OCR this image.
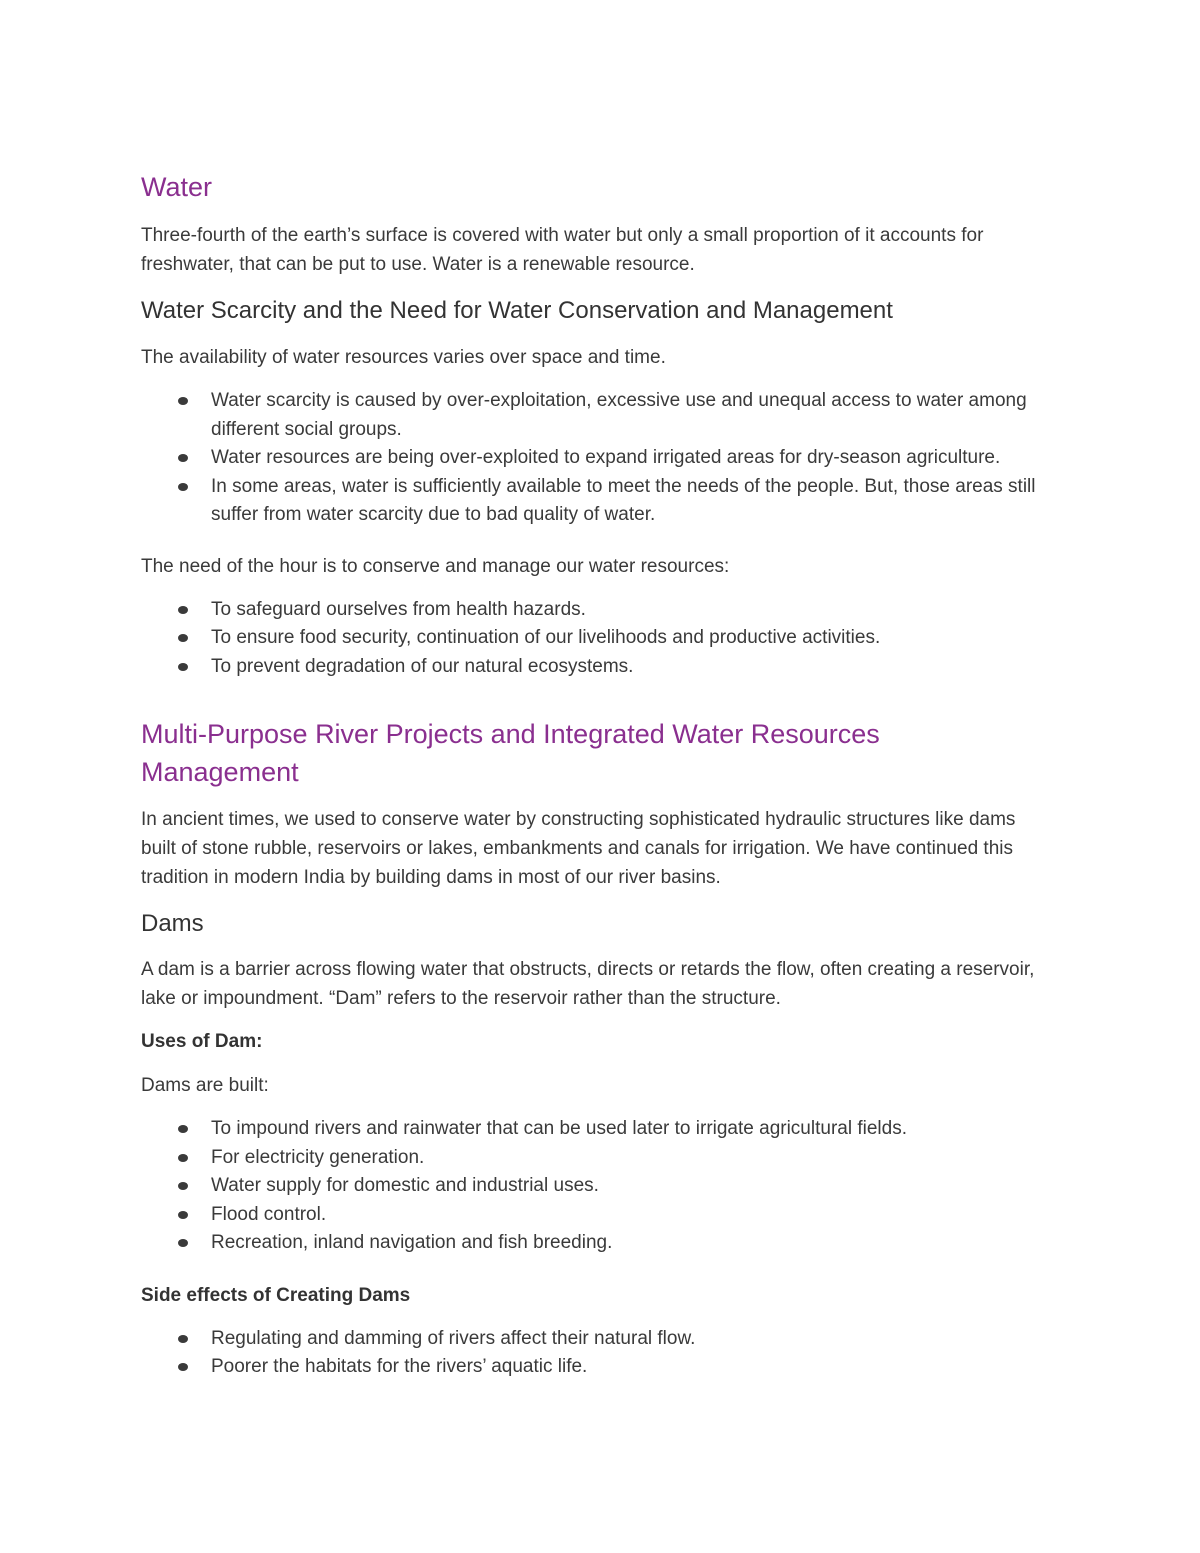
Water

Three-fourth of the earth’s surface is covered with water but only a small proportion of it accounts for freshwater, that can be put to use. Water is a renewable resource.

Water Scarcity and the Need for Water Conservation and Management

The availability of water resources varies over space and time.

Water scarcity is caused by over-exploitation, excessive use and unequal access to water among different social groups.
Water resources are being over-exploited to expand irrigated areas for dry-season agriculture.
In some areas, water is sufficiently available to meet the needs of the people. But, those areas still suffer from water scarcity due to bad quality of water.

The need of the hour is to conserve and manage our water resources:

To safeguard ourselves from health hazards.
To ensure food security, continuation of our livelihoods and productive activities.
To prevent degradation of our natural ecosystems.
Multi-Purpose River Projects and Integrated Water Resources Management

In ancient times, we used to conserve water by constructing sophisticated hydraulic structures like dams built of stone rubble, reservoirs or lakes, embankments and canals for irrigation. We have continued this tradition in modern India by building dams in most of our river basins.

Dams

A dam is a barrier across flowing water that obstructs, directs or retards the flow, often creating a reservoir, lake or impoundment. “Dam” refers to the reservoir rather than the structure.

Uses of Dam:

Dams are built:

To impound rivers and rainwater that can be used later to irrigate agricultural fields.
For electricity generation.
Water supply for domestic and industrial uses.
Flood control.
Recreation, inland navigation and fish breeding.

Side effects of Creating Dams

Regulating and damming of rivers affect their natural flow.
Poorer the habitats for the rivers’ aquatic life.
